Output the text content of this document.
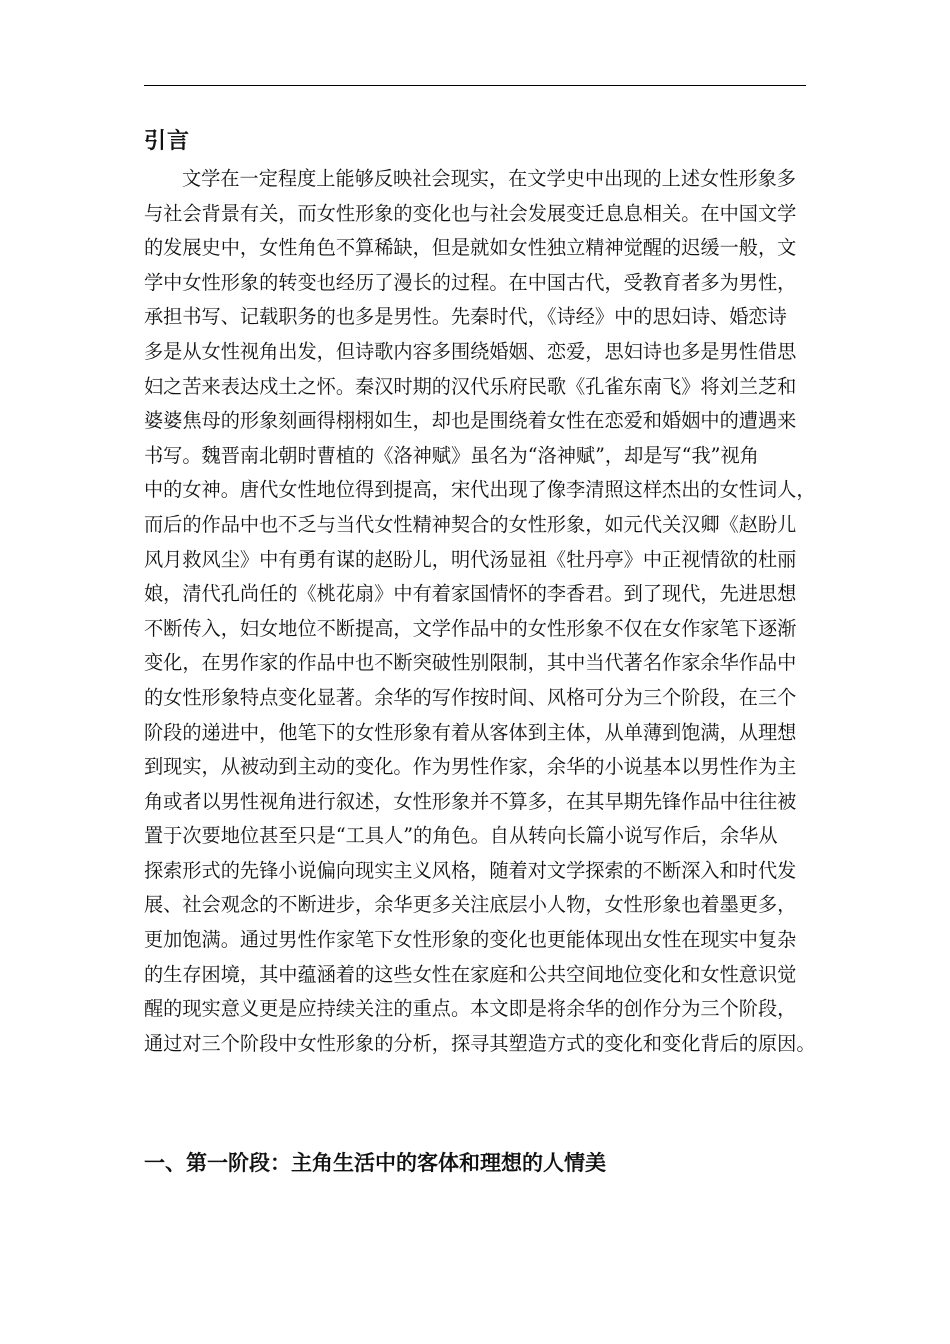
引言
文学在一定程度上能够反映社会现实，在文学史中出现的上述女性形象多
与社会背景有关，而女性形象的变化也与社会发展变迁息息相关。在中国文学
的发展史中，女性角色不算稀缺，但是就如女性独立精神觉醒的迟缓一般，文
学中女性形象的转变也经历了漫长的过程。在中国古代，受教育者多为男性，
承担书写、记载职务的也多是男性。先秦时代，《诗经》中的思妇诗、婚恋诗
多是从女性视角出发，但诗歌内容多围绕婚姻、恋爱，思妇诗也多是男性借思
妇之苦来表达戍土之怀。秦汉时期的汉代乐府民歌《孔雀东南飞》将刘兰芝和
婆婆焦母的形象刻画得栩栩如生，却也是围绕着女性在恋爱和婚姻中的遭遇来
书写。魏晋南北朝时曹植的《洛神赋》虽名为“洛神赋”，却是写“我”视角
中的女神。唐代女性地位得到提高，宋代出现了像李清照这样杰出的女性词人，
而后的作品中也不乏与当代女性精神契合的女性形象，如元代关汉卿《赵盼儿
风月救风尘》中有勇有谋的赵盼儿，明代汤显祖《牡丹亭》中正视情欲的杜丽
娘，清代孔尚任的《桃花扇》中有着家国情怀的李香君。到了现代，先进思想
不断传入，妇女地位不断提高，文学作品中的女性形象不仅在女作家笔下逐渐
变化，在男作家的作品中也不断突破性别限制，其中当代著名作家余华作品中
的女性形象特点变化显著。余华的写作按时间、风格可分为三个阶段，在三个
阶段的递进中，他笔下的女性形象有着从客体到主体，从单薄到饱满，从理想
到现实，从被动到主动的变化。作为男性作家，余华的小说基本以男性作为主
角或者以男性视角进行叙述，女性形象并不算多，在其早期先锋作品中往往被
置于次要地位甚至只是“工具人”的角色。自从转向长篇小说写作后，余华从
探索形式的先锋小说偏向现实主义风格，随着对文学探索的不断深入和时代发
展、社会观念的不断进步，余华更多关注底层小人物，女性形象也着墨更多，
更加饱满。通过男性作家笔下女性形象的变化也更能体现出女性在现实中复杂
的生存困境，其中蕴涵着的这些女性在家庭和公共空间地位变化和女性意识觉
醒的现实意义更是应持续关注的重点。本文即是将余华的创作分为三个阶段，
通过对三个阶段中女性形象的分析，探寻其塑造方式的变化和变化背后的原因。
一、第一阶段：主角生活中的客体和理想的人情美
